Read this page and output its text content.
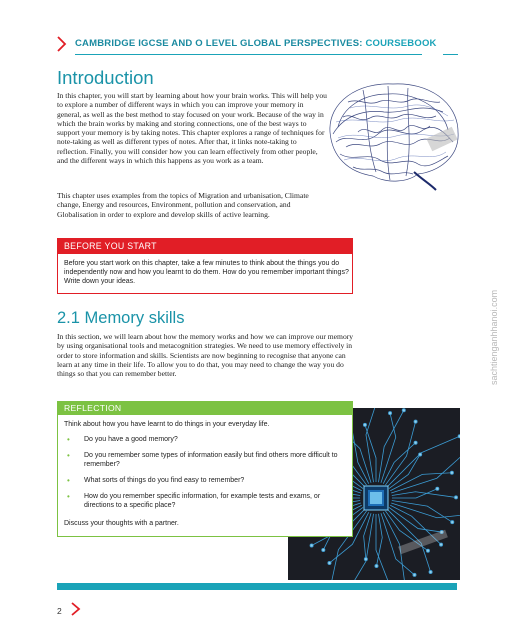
CAMBRIDGE IGCSE AND O LEVEL GLOBAL PERSPECTIVES: COURSEBOOK
Introduction
In this chapter, you will start by learning about how your brain works. This will help you to explore a number of different ways in which you can improve your memory in general, as well as the best method to stay focused on your work. Because of the way in which the brain works by making and storing connections, one of the best ways to support your memory is by taking notes. This chapter explores a range of techniques for note-taking as well as different types of notes. After that, it links note-taking to reflection. Finally, you will consider how you can learn effectively from other people, and the different ways in which this happens as you work as a team.
This chapter uses examples from the topics of Migration and urbanisation, Climate change, Energy and resources, Environment, pollution and conservation, and Globalisation in order to explore and develop skills of active learning.
BEFORE YOU START
Before you start work on this chapter, take a few minutes to think about the things you do independently now and how you learnt to do them. How do you remember important things? Write down your ideas.
2.1 Memory skills
In this section, we will learn about how the memory works and how we can improve our memory by using organisational tools and metacognition strategies. We need to use memory effectively in order to store information and skills. Scientists are now beginning to recognise that anyone can learn at any time in their life. To allow you to do that, you may need to change the way you do things so that you can remember better.
REFLECTION
Think about how you have learnt to do things in your everyday life.
• Do you have a good memory?
• Do you remember some types of information easily but find others more difficult to remember?
• What sorts of things do you find easy to remember?
• How do you remember specific information, for example tests and exams, or directions to a specific place?
Discuss your thoughts with a partner.
2
sachtienganhhanoi.com
